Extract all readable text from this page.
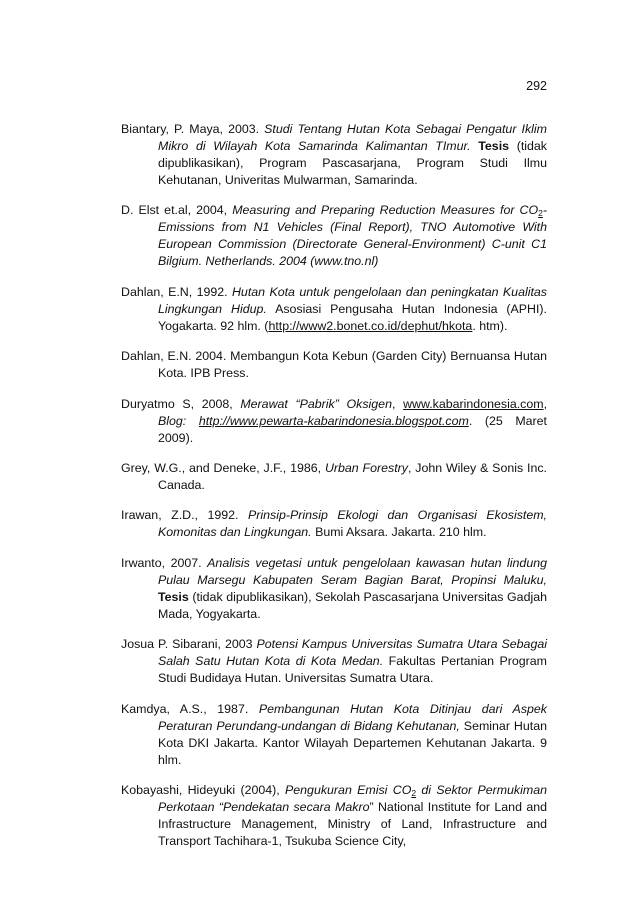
292

Biantary, P. Maya, 2003. Studi Tentang Hutan Kota Sebagai Pengatur Iklim Mikro di Wilayah Kota Samarinda Kalimantan TImur. Tesis (tidak dipublikasikan), Program Pascasarjana, Program Studi Ilmu Kehutanan, Univeritas Mulwarman, Samarinda.

D. Elst et.al, 2004, Measuring and Preparing Reduction Measures for $CO_2$-Emissions from N1 Vehicles (Final Report), TNO Automotive With European Commission (Directorate General-Environment) C-unit C1 Bilgium. Netherlands. 2004 (www.tno.nl)

Dahlan, E.N, 1992. Hutan Kota untuk pengelolaan dan peningkatan Kualitas Lingkungan Hidup. Asosiasi Pengusaha Hutan Indonesia (APHI). Yogakarta. 92 hlm. (http://www2.bonet.co.id/dephut/hkota. htm).

Dahlan, E.N. 2004. Membangun Kota Kebun (Garden City) Bernuansa Hutan Kota. IPB Press.

Duryatmo S, 2008, Merawat “Pabrik” Oksigen, www.kabarindonesia.com, Blog: http://www.pewarta-kabarindonesia.blogspot.com. (25 Maret 2009).

Grey, W.G., and Deneke, J.F., 1986, Urban Forestry, John Wiley & Sonis Inc. Canada.

Irawan, Z.D., 1992. Prinsip-Prinsip Ekologi dan Organisasi Ekosistem, Komonitas dan Lingkungan. Bumi Aksara. Jakarta. 210 hlm.

Irwanto, 2007. Analisis vegetasi untuk pengelolaan kawasan hutan lindung Pulau Marsegu Kabupaten Seram Bagian Barat, Propinsi Maluku, Tesis (tidak dipublikasikan), Sekolah Pascasarjana Universitas Gadjah Mada, Yogyakarta.

Josua P. Sibarani, 2003 Potensi Kampus Universitas Sumatra Utara Sebagai Salah Satu Hutan Kota di Kota Medan. Fakultas Pertanian Program Studi Budidaya Hutan. Universitas Sumatra Utara.

Kamdya, A.S., 1987. Pembangunan Hutan Kota Ditinjau dari Aspek Peraturan Perundang-undangan di Bidang Kehutanan, Seminar Hutan Kota DKI Jakarta. Kantor Wilayah Departemen Kehutanan Jakarta. 9 hlm.

Kobayashi, Hideyuki (2004), Pengukuran Emisi $CO_2$ di Sektor Permukiman Perkotaan “Pendekatan secara Makro” National Institute for Land and Infrastructure Management, Ministry of Land, Infrastructure and Transport Tachihara-1, Tsukuba Science City,
